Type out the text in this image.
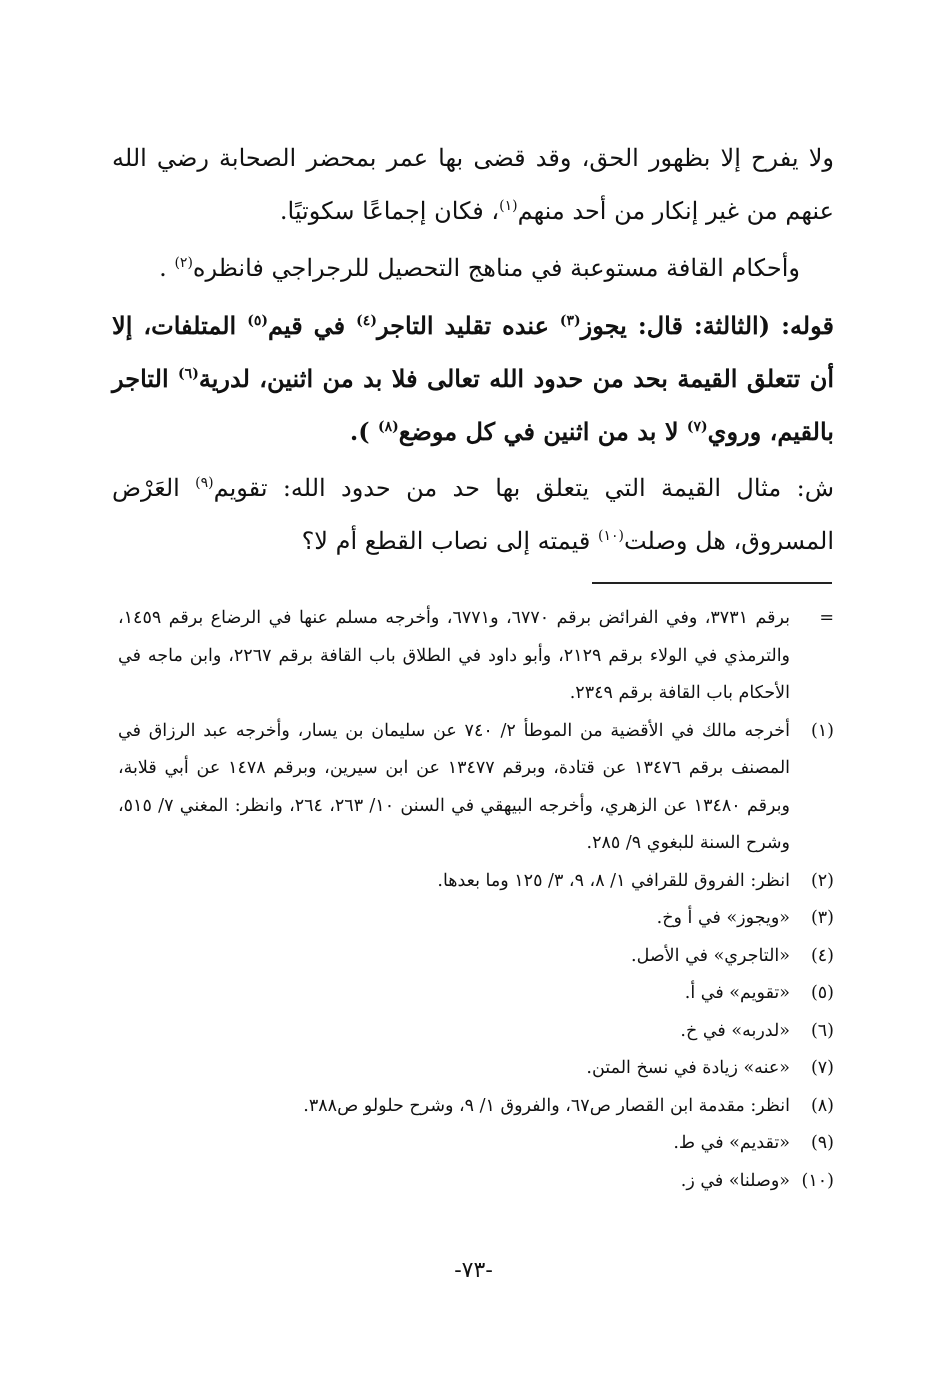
ولا يفرح إلا بظهور الحق، وقد قضى بها عمر بمحضر الصحابة رضي الله عنهم من غير إنكار من أحد منهم$^{(١)}$، فكان إجماعًا سكوتيًا.

وأحكام القافة مستوعبة في مناهج التحصيل للرجراجي فانظره$^{(٢)}$ .

قوله: (الثالثة: قال: يجوز$^{(٣)}$ عنده تقليد التاجر$^{(٤)}$ في قيم$^{(٥)}$ المتلفات، إلا أن تتعلق القيمة بحد من حدود الله تعالى فلا بد من اثنين، لدرية$^{(٦)}$ التاجر بالقيم، وروي$^{(٧)}$ لا بد من اثنين في كل موضع$^{(٨)}$ ).

ش: مثال القيمة التي يتعلق بها حد من حدود الله: تقويم$^{(٩)}$ العَرْض المسروق، هل وصلت$^{(١٠)}$ قيمته إلى نصاب القطع أم لا؟

=
برقم ٣٧٣١، وفي الفرائض برقم ٦٧٧٠، و٦٧٧١، وأخرجه مسلم عنها في الرضاع برقم ١٤٥٩، والترمذي في الولاء برقم ٢١٢٩، وأبو داود في الطلاق باب القافة برقم ٢٢٦٧، وابن ماجه في الأحكام باب القافة برقم ٢٣٤٩.
(١)
أخرجه مالك في الأقضية من الموطأ ٢/ ٧٤٠ عن سليمان بن يسار، وأخرجه عبد الرزاق في المصنف برقم ١٣٤٧٦ عن قتادة، وبرقم ١٣٤٧٧ عن ابن سيرين، وبرقم ١٤٧٨ عن أبي قلابة، وبرقم ١٣٤٨٠ عن الزهري، وأخرجه البيهقي في السنن ١٠/ ٢٦٣، ٢٦٤، وانظر: المغني ٧/ ٥١٥، وشرح السنة للبغوي ٩/ ٢٨٥.
(٢)
انظر: الفروق للقرافي ١/ ٨، ٩، ٣/ ١٢٥ وما بعدها.
(٣)
«ويجوز» في أ وخ.
(٤)
«التاجري» في الأصل.
(٥)
«تقويم» في أ.
(٦)
«لدربه» في خ.
(٧)
«عنه» زيادة في نسخ المتن.
(٨)
انظر: مقدمة ابن القصار ص٦٧، والفروق ١/ ٩، وشرح حلولو ص٣٨٨.
(٩)
«تقديم» في ط.
(١٠)
«وصلنا» في ز.
-٧٣-
